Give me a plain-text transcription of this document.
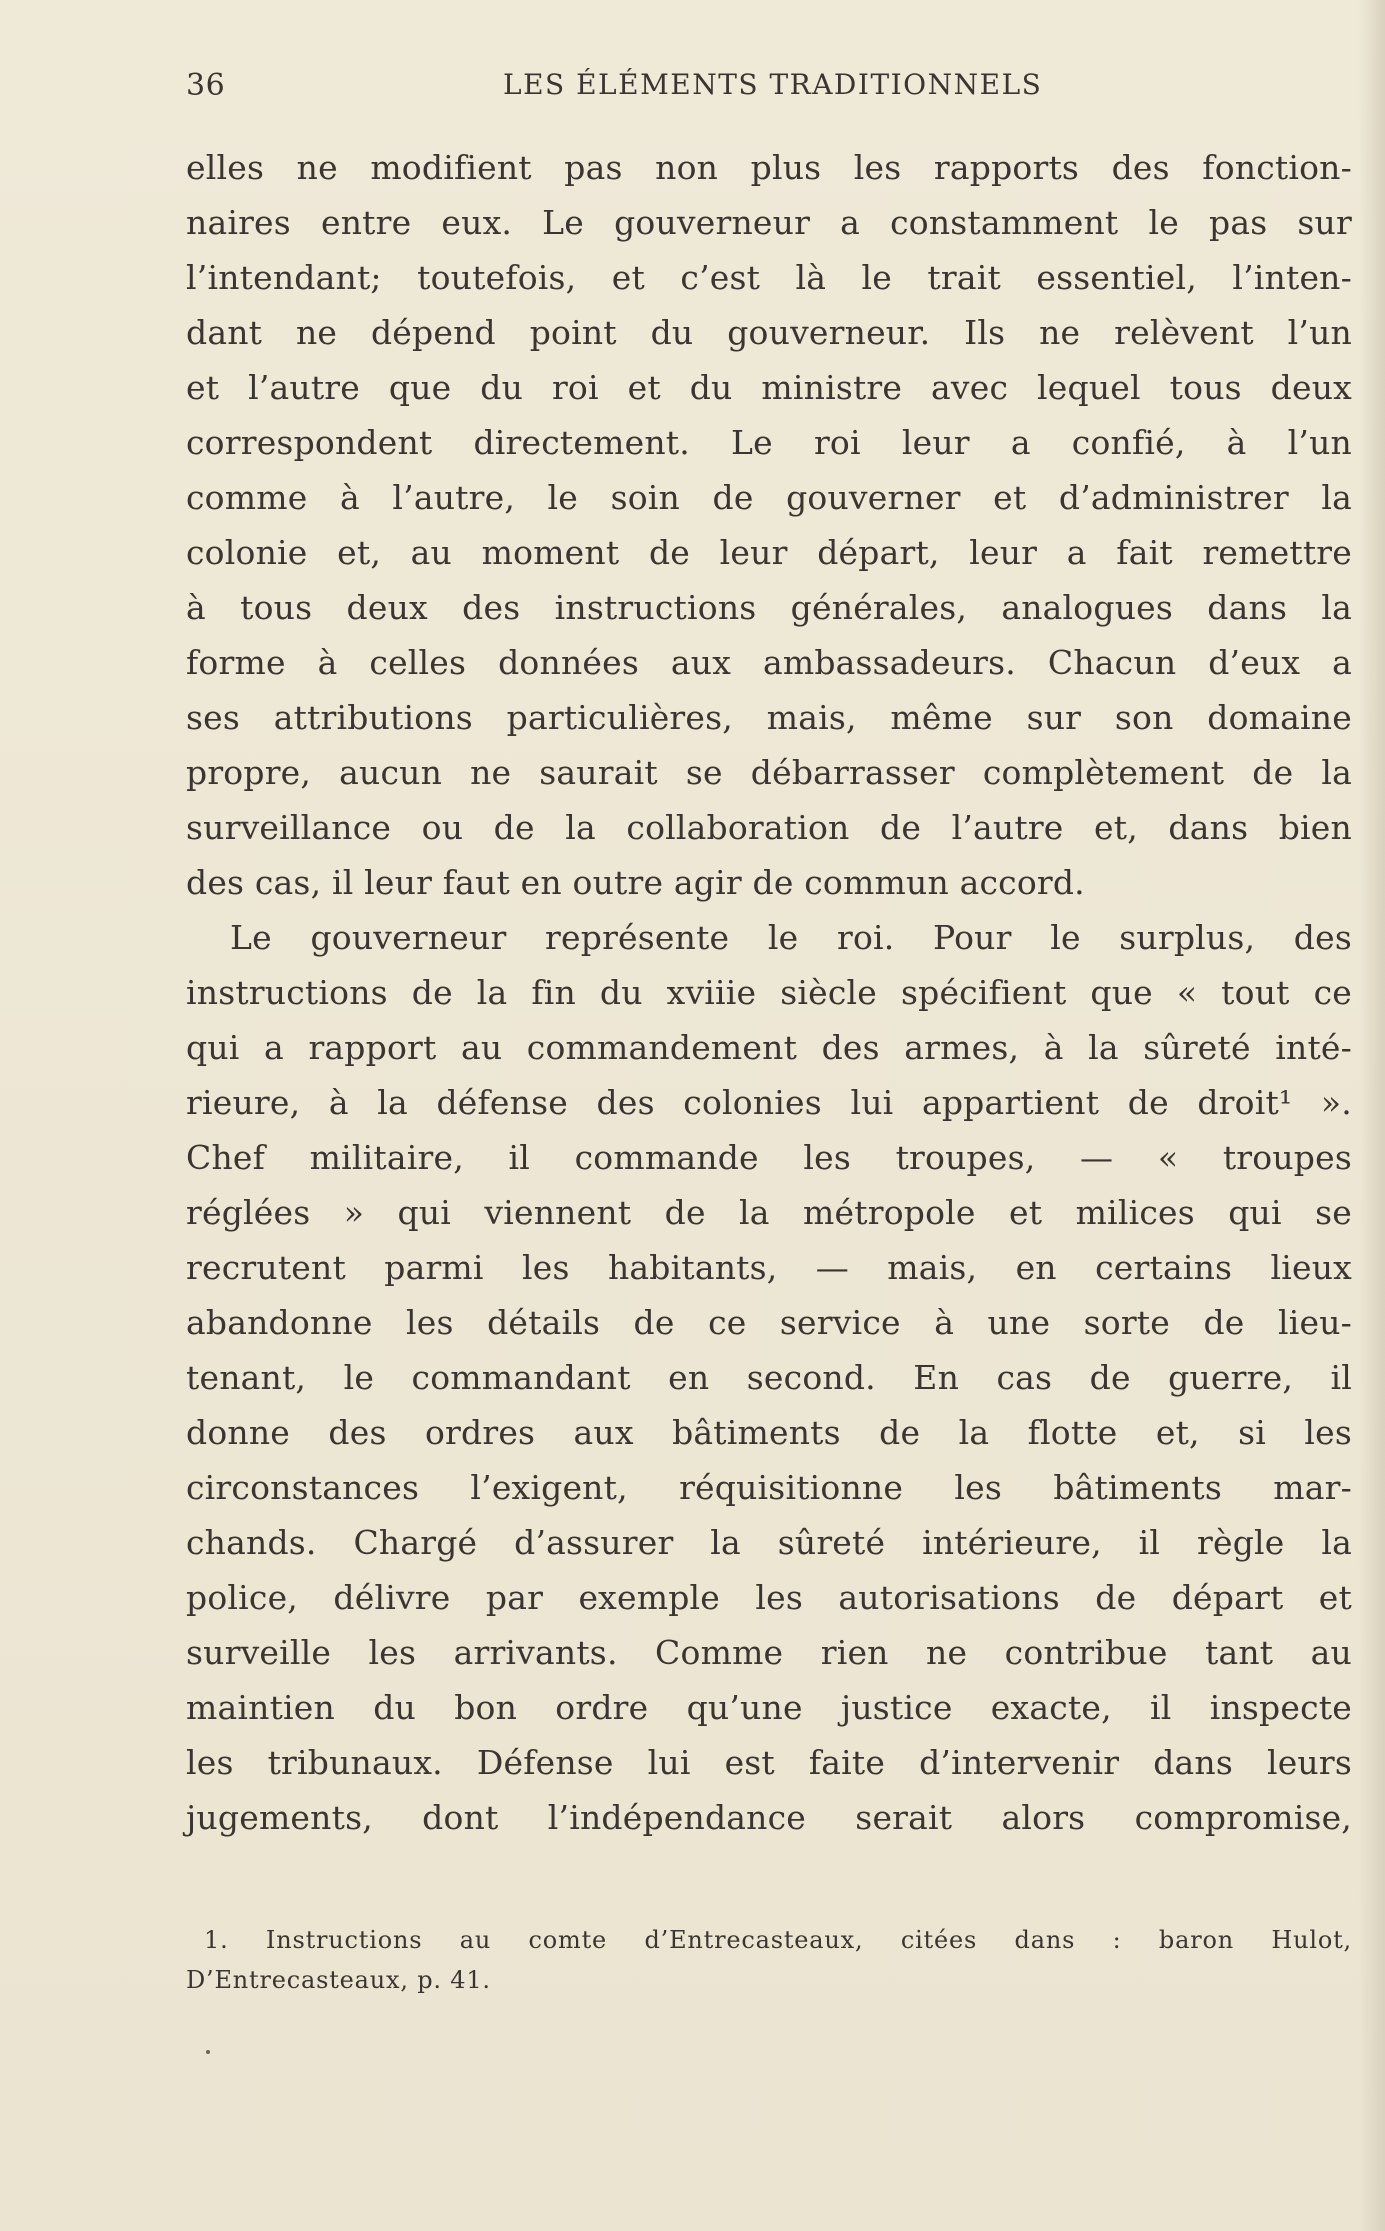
36	LES ÉLÉMENTS TRADITIONNELS
elles ne modifient pas non plus les rapports des fonction-
naires entre eux. Le gouverneur a constamment le pas sur
l’intendant; toutefois, et c’est là le trait essentiel, l’inten-
dant ne dépend point du gouverneur. Ils ne relèvent l’un
et l’autre que du roi et du ministre avec lequel tous deux
correspondent directement. Le roi leur a confié, à l’un
comme à l’autre, le soin de gouverner et d’administrer la
colonie et, au moment de leur départ, leur a fait remettre
à tous deux des instructions générales, analogues dans la
forme à celles données aux ambassadeurs. Chacun d’eux a
ses attributions particulières, mais, même sur son domaine
propre, aucun ne saurait se débarrasser complètement de la
surveillance ou de la collaboration de l’autre et, dans bien
des cas, il leur faut en outre agir de commun accord.
Le gouverneur représente le roi. Pour le surplus, des
instructions de la fin du xviiie siècle spécifient que « tout ce
qui a rapport au commandement des armes, à la sûreté inté-
rieure, à la défense des colonies lui appartient de droit¹ ».
Chef militaire, il commande les troupes, — « troupes
réglées » qui viennent de la métropole et milices qui se
recrutent parmi les habitants, — mais, en certains lieux
abandonne les détails de ce service à une sorte de lieu-
tenant, le commandant en second. En cas de guerre, il
donne des ordres aux bâtiments de la flotte et, si les
circonstances l’exigent, réquisitionne les bâtiments mar-
chands. Chargé d’assurer la sûreté intérieure, il règle la
police, délivre par exemple les autorisations de départ et
surveille les arrivants. Comme rien ne contribue tant au
maintien du bon ordre qu’une justice exacte, il inspecte
les tribunaux. Défense lui est faite d’intervenir dans leurs
jugements, dont l’indépendance serait alors compromise,
1. Instructions au comte d’Entrecasteaux, citées dans : baron Hulot,
D’Entrecasteaux, p. 41.
